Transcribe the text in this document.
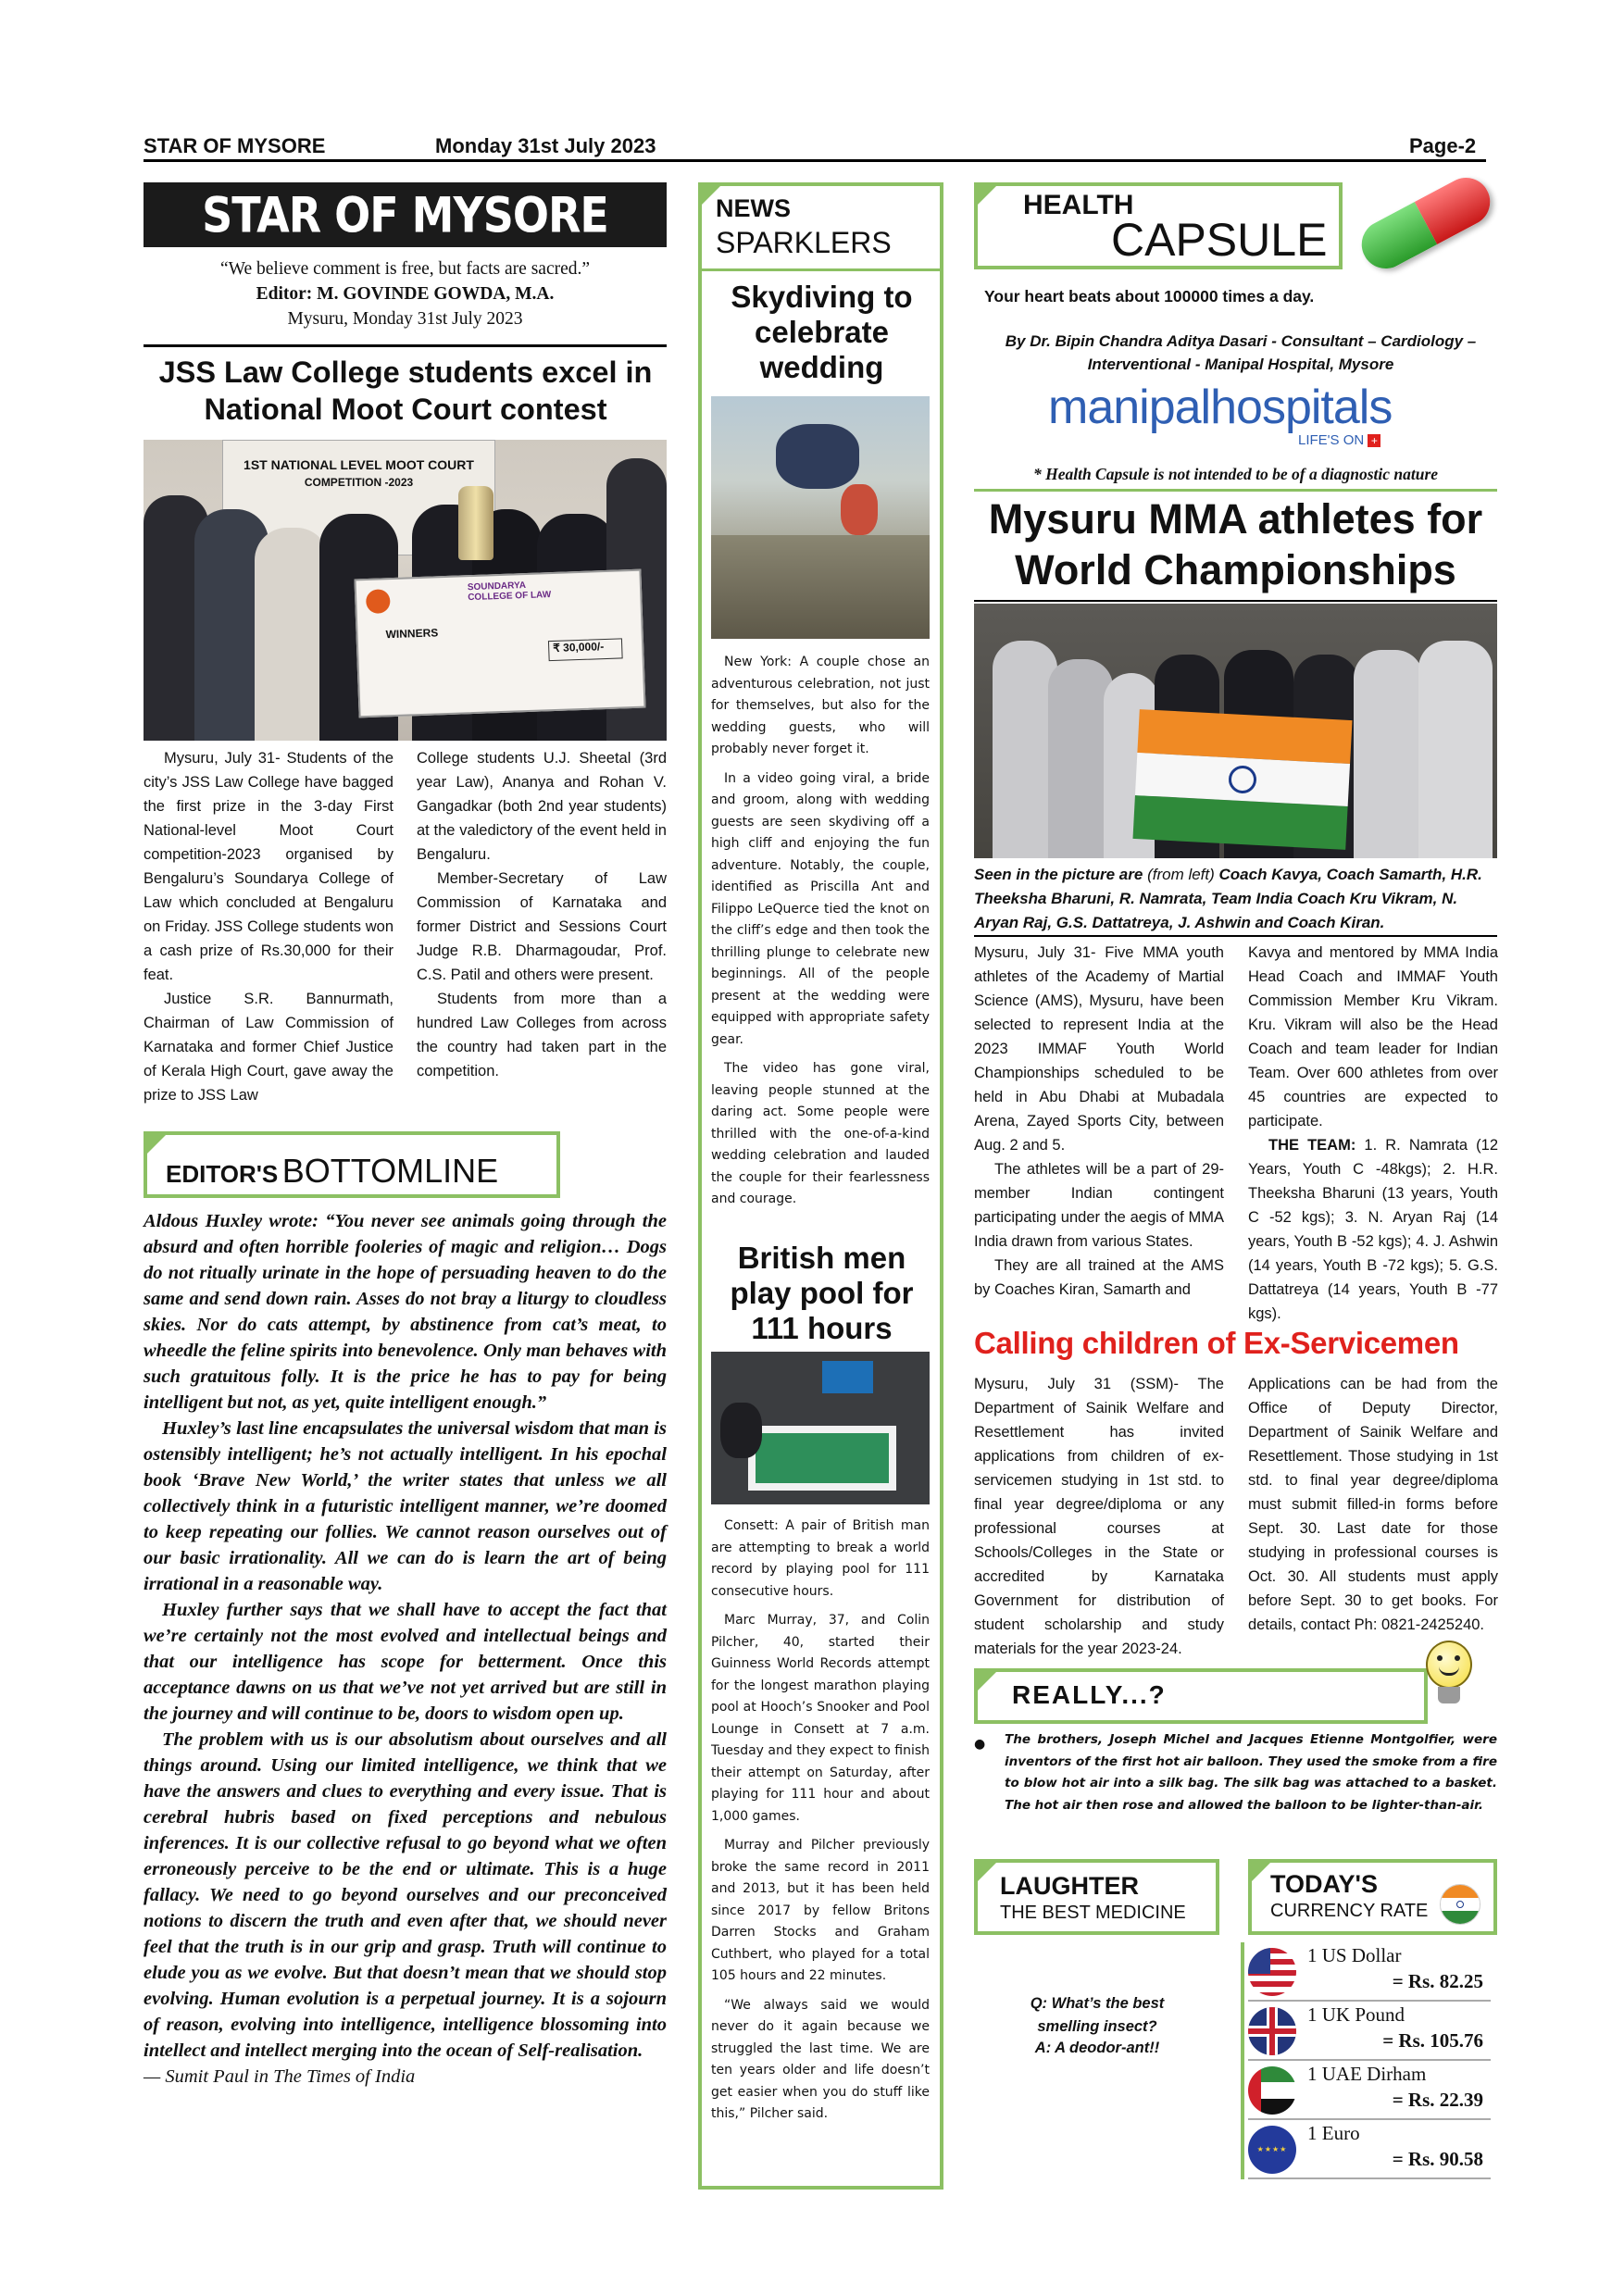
STAR OF MYSORE	Monday 31st July 2023	Page-2
STAR OF MYSORE
“We believe comment is free, but facts are sacred.”
Editor: M. GOVINDE GOWDA, M.A.
Mysuru, Monday 31st July 2023
JSS Law College students excel in National Moot Court contest
1ST NATIONAL LEVEL MOOT COURT
COMPETITION -2023
SOUNDARYA COLLEGE OF LAW
WINNERS
₹ 30,000/-

Mysuru, July 31- Students of the city’s JSS Law College have bagged the first prize in the 3-day First National-level Moot Court competition-2023 organised by Bengaluru’s Soundarya College of Law which concluded at Bengaluru on Friday. JSS College students won a cash prize of Rs.30,000 for their feat.

Justice S.R. Bannurmath, Chairman of Law Commission of Karnataka and former Chief Justice of Kerala High Court, gave away the prize to JSS Law

College students U.J. Sheetal (3rd year Law), Ananya and Rohan V. Gangadkar (both 2nd year students) at the valedictory of the event held in Bengaluru.

Member-Secretary of Law Commission of Karnataka and former District and Sessions Court Judge R.B. Dharmagoudar, Prof. C.S. Patil and others were present.

Students from more than a hundred Law Colleges from across the country had taken part in the competition.

EDITOR'S BOTTOMLINE

Aldous Huxley wrote: “You never see animals going through the absurd and often horrible fooleries of magic and religion… Dogs do not ritually urinate in the hope of persuading heaven to do the same and send down rain. Asses do not bray a liturgy to cloudless skies. Nor do cats attempt, by abstinence from cat’s meat, to wheedle the feline spirits into benevolence. Only man behaves with such gratuitous folly. It is the price he has to pay for being intelligent but not, as yet, quite intelligent enough.”

Huxley’s last line encapsulates the universal wisdom that man is ostensibly intelligent; he’s not actually intelligent. In his epochal book ‘Brave New World,’ the writer states that unless we all collectively think in a futuristic intelligent manner, we’re doomed to keep repeating our follies. We cannot reason ourselves out of our basic irrationality. All we can do is learn the art of being irrational in a reasonable way.

Huxley further says that we shall have to accept the fact that we’re certainly not the most evolved and intellectual beings and that our intelligence has scope for betterment. Once this acceptance dawns on us that we’ve not yet arrived but are still in the journey and will continue to be, doors to wisdom open up.

The problem with us is our absolutism about ourselves and all things around. Using our limited intelligence, we think that we have the answers and clues to everything and every issue. That is cerebral hubris based on fixed perceptions and nebulous inferences. It is our collective refusal to go beyond what we often erroneously perceive to be the end or ultimate. This is a huge fallacy. We need to go beyond ourselves and our preconceived notions to discern the truth and even after that, we should never feel that the truth is in our grip and grasp. Truth will continue to elude you as we evolve. But that doesn’t mean that we should stop evolving. Human evolution is a perpetual journey. It is a sojourn of reason, evolving into intelligence, intelligence blossoming into intellect and intellect merging into the ocean of Self-realisation.

— Sumit Paul in The Times of India
NEWS
SPARKLERS
Skydiving to celebrate wedding

New York: A couple chose an adventurous celebration, not just for themselves, but also for the wedding guests, who will probably never forget it.

In a video going viral, a bride and groom, along with wedding guests are seen skydiving off a high cliff and enjoying the fun adventure. Notably, the couple, identified as Priscilla Ant and Filippo LeQuerce tied the knot on the cliff’s edge and then took the thrilling plunge to celebrate new beginnings. All of the people present at the wedding were equipped with appropriate safety gear.

The video has gone viral, leaving people stunned at the daring act. Some people were thrilled with the one-of-a-kind wedding celebration and lauded the couple for their fearlessness and courage.

British men play pool for 111 hours

Consett: A pair of British man are attempting to break a world record by playing pool for 111 consecutive hours.

Marc Murray, 37, and Colin Pilcher, 40, started their Guinness World Records attempt for the longest marathon playing pool at Hooch’s Snooker and Pool Lounge in Consett at 7 a.m. Tuesday and they expect to finish their attempt on Saturday, after playing for 111 hour and about 1,000 games.

Murray and Pilcher previously broke the same record in 2011 and 2013, but it has been held since 2017 by fellow Britons Darren Stocks and Graham Cuthbert, who played for a total 105 hours and 22 minutes.

“We always said we would never do it again because we struggled the last time. We are ten years older and life doesn’t get easier when you do stuff like this,” Pilcher said.

HEALTH
CAPSULE
Your heart beats about 100000 times a day.
By Dr. Bipin Chandra Aditya Dasari - Consultant – Cardiology – Interventional - Manipal Hospital, Mysore
manipalhospitals
LIFE'S ON +
* Health Capsule is not intended to be of a diagnostic nature
Mysuru MMA athletes for World Championships
Seen in the picture are (from left) Coach Kavya, Coach Samarth, H.R. Theeksha Bharuni, R. Namrata, Team India Coach Kru Vikram, N. Aryan Raj, G.S. Dattatreya, J. Ashwin and Coach Kiran.

Mysuru, July 31- Five MMA youth athletes of the Academy of Martial Science (AMS), Mysuru, have been selected to represent India at the 2023 IMMAF Youth World Championships scheduled to be held in Abu Dhabi at Mubadala Arena, Zayed Sports City, between Aug. 2 and 5.

The athletes will be a part of 29-member Indian contingent participating under the aegis of MMA India drawn from various States.

They are all trained at the AMS by Coaches Kiran, Samarth and

Kavya and mentored by MMA India Head Coach and IMMAF Youth Commission Member Kru Vikram. Kru. Vikram will also be the Head Coach and team leader for Indian Team. Over 600 athletes from over 45 countries are expected to participate.

THE TEAM: 1. R. Namrata (12 Years, Youth C -48kgs); 2. H.R. Theeksha Bharuni (13 years, Youth C -52 kgs); 3. N. Aryan Raj (14 years, Youth B -52 kgs); 4. J. Ashwin (14 years, Youth B -72 kgs); 5. G.S. Dattatreya (14 years, Youth B -77 kgs).

Calling children of Ex-Servicemen

Mysuru, July 31 (SSM)- The Department of Sainik Welfare and Resettlement has invited applications from children of ex-servicemen studying in 1st std. to final year degree/diploma or any professional courses at Schools/Colleges in the State or accredited by Karnataka Government for distribution of student scholarship and study materials for the year 2023-24.

Applications can be had from the Office of Deputy Director, Department of Sainik Welfare and Resettlement. Those studying in 1st std. to final year degree/diploma must submit filled-in forms before Sept. 30. Last date for those studying in professional courses is Oct. 30. All students must apply before Sept. 30 to get books. For details, contact Ph: 0821-2425240.

REALLY...?
● The brothers, Joseph Michel and Jacques Etienne Montgolfier, were inventors of the first hot air balloon. They used the smoke from a fire to blow hot air into a silk bag. The silk bag was attached to a basket. The hot air then rose and allowed the balloon to be lighter-than-air.
LAUGHTER
THE BEST MEDICINE
Q: What’s the best smelling insect?
A: A deodor-ant!!
TODAY'S
CURRENCY RATE
1 US Dollar
= Rs. 82.25
1 UK Pound
= Rs. 105.76
1 UAE Dirham
= Rs. 22.39
★★★★
1 Euro
= Rs. 90.58
